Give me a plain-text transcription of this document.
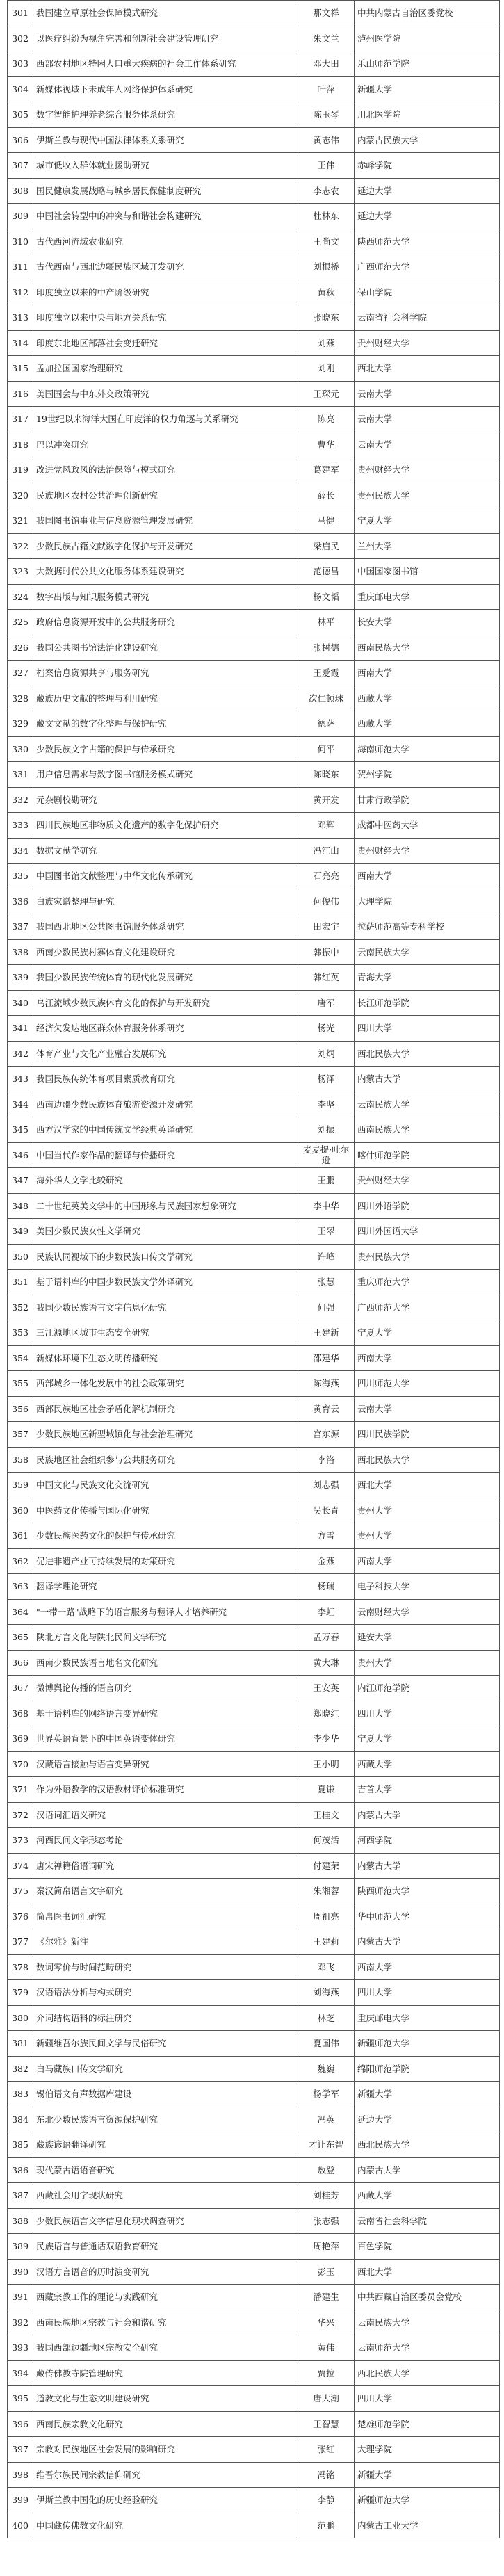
301	我国建立草原社会保障模式研究	那文祥	中共内蒙古自治区委党校
302	以医疗纠纷为视角完善和创新社会建设管理研究	朱文兰	泸州医学院
303	西部农村地区特困人口重大疾病的社会工作体系研究	邓大田	乐山师范学院
304	新媒体视域下未成年人网络保护体系研究	叶萍	新疆大学
305	数字智能护理养老综合服务体系研究	陈玉琴	川北医学院
306	伊斯兰教与现代中国法律体系关系研究	黄志伟	内蒙古民族大学
307	城市低收入群体就业援助研究	王伟	赤峰学院
308	国民健康发展战略与城乡居民保健制度研究	李志农	延边大学
309	中国社会转型中的冲突与和谐社会构建研究	杜林东	延边大学
310	古代西河流域农业研究	王尚文	陕西师范大学
311	古代西南与西北边疆民族区域开发研究	刘根桥	广西师范大学
312	印度独立以来的中产阶级研究	黄秋	保山学院
313	印度独立以来中央与地方关系研究	张晓东	云南省社会科学院
314	印度东北地区部落社会变迁研究	刘燕	贵州财经大学
315	孟加拉国国家治理研究	刘刚	西北大学
316	美国国会与中东外交政策研究	王琛元	云南大学
317	19世纪以来海洋大国在印度洋的权力角逐与关系研究	陈亮	云南大学
318	巴以冲突研究	曹华	云南大学
319	改进党风政风的法治保障与模式研究	葛建军	贵州财经大学
320	民族地区农村公共治理创新研究	薛长	贵州民族大学
321	我国图书馆事业与信息资源管理发展研究	马健	宁夏大学
322	少数民族古籍文献数字化保护与开发研究	梁启民	兰州大学
323	大数据时代公共文化服务体系建设研究	范德昌	中国国家图书馆
324	数字出版与知识服务模式研究	杨文韬	重庆邮电大学
325	政府信息资源开发中的公共服务研究	林平	长安大学
326	我国公共图书馆法治化建设研究	张树德	西南民族大学
327	档案信息资源共享与服务研究	王爱霞	西南大学
328	藏族历史文献的整理与利用研究	次仁顿珠	西藏大学
329	藏文文献的数字化整理与保护研究	德萨	西藏大学
330	少数民族文字古籍的保护与传承研究	何平	海南师范大学
331	用户信息需求与数字图书馆服务模式研究	陈晓东	贺州学院
332	元杂剧校勘研究	黄开发	甘肃行政学院
333	四川民族地区非物质文化遗产的数字化保护研究	邓辉	成都中医药大学
334	数据文献学研究	冯江山	贵州财经大学
335	中国图书馆文献整理与中华文化传承研究	石亮亮	西南大学
336	白族家谱整理与研究	何俊伟	大理学院
337	我国西北地区公共图书馆服务体系研究	田宏宇	拉萨师范高等专科学校
338	西南少数民族村寨体育文化建设研究	韩振中	云南民族大学
339	我国少数民族传统体育的现代化发展研究	韩红英	青海大学
340	乌江流域少数民族体育文化的保护与开发研究	唐军	长江师范学院
341	经济欠发达地区群众体育服务体系研究	杨光	四川大学
342	体育产业与文化产业融合发展研究	刘炳	西北民族大学
343	我国民族传统体育项目素质教育研究	杨泽	内蒙古大学
344	西南边疆少数民族体育旅游资源开发研究	李坚	云南民族大学
345	西方汉学家的中国传统文学经典英译研究	刘振	西南民族大学
346	中国当代作家作品的翻译与传播研究	麦麦提·吐尔逊	喀什师范学院
347	海外华人文学比较研究	王鹏	贵州财经大学
348	二十世纪英美文学中的中国形象与民族国家想象研究	李中华	四川外语学院
349	美国少数民族女性文学研究	王翠	四川外国语大学
350	民族认同视域下的少数民族口传文学研究	许峰	贵州民族大学
351	基于语料库的中国少数民族文学外译研究	张慧	重庆师范大学
352	我国少数民族语言文字信息化研究	何强	广西师范大学
353	三江源地区城市生态安全研究	王建新	宁夏大学
354	新媒体环境下生态文明传播研究	邵建华	西南大学
355	西部城乡一体化发展中的社会政策研究	陈海燕	四川师范大学
356	西部民族地区社会矛盾化解机制研究	黄育云	云南大学
357	少数民族地区新型城镇化与社会治理研究	宫东源	四川民族学院
358	民族地区社会组织参与公共服务研究	李洛	西北民族大学
359	中国文化与民族文化交流研究	刘志强	西北大学
360	中医药文化传播与国际化研究	吴长青	贵州大学
361	少数民族医药文化的保护与传承研究	方雪	贵州大学
362	促进非遗产业可持续发展的对策研究	金燕	西南大学
363	翻译学理论研究	杨瑞	电子科技大学
364	"一带一路"战略下的语言服务与翻译人才培养研究	李虹	云南财经大学
365	陕北方言文化与陕北民间文学研究	孟万春	延安大学
366	西南少数民族语言地名文化研究	黄大琳	贵州大学
367	微博舆论传播的语言研究	王安英	内江师范学院
368	基于语料库的网络语言变异研究	郑晓红	四川大学
369	世界英语背景下的中国英语变体研究	李少华	宁夏大学
370	汉藏语言接触与语言变异研究	王小明	西藏大学
371	作为外语教学的汉语教材评价标准研究	夏谦	吉首大学
372	汉语词汇语义研究	王桂文	内蒙古大学
373	河西民间文学形态考论	何茂活	河西学院
374	唐宋禅籍俗语词研究	付建荣	内蒙古大学
375	秦汉简帛语言文字研究	朱湘蓉	陕西师范大学
376	简帛医书词汇研究	周祖亮	华中师范大学
377	《尔雅》新注	王建莉	内蒙古大学
378	数词零价与时间范畴研究	邓飞	西南大学
379	汉语语法分析与构式研究	刘海燕	四川大学
380	介词结构语料的标注研究	林芝	重庆邮电大学
381	新疆维吾尔族民间文学与民俗研究	夏国伟	新疆师范大学
382	白马藏族口传文学研究	魏巍	绵阳师范学院
383	锡伯语文有声数据库建设	杨学军	新疆大学
384	东北少数民族语言资源保护研究	冯英	延边大学
385	藏族谚语翻译研究	才让东智	西北民族大学
386	现代蒙古语语音研究	敖登	内蒙古大学
387	西藏社会用字现状研究	刘桂芳	西藏大学
388	少数民族语言文字信息化现状调查研究	张志强	云南省社会科学院
389	民族语言与普通话双语教育研究	周艳萍	百色学院
390	汉语方言语音的历时演变研究	彭玉	西北大学
391	西藏宗教工作的理论与实践研究	潘建生	中共西藏自治区委员会党校
392	西南民族地区宗教与社会和谐研究	华兴	云南民族大学
393	我国西部边疆地区宗教安全研究	黄伟	云南师范大学
394	藏传佛教寺院管理研究	贾拉	西北民族大学
395	道教文化与生态文明建设研究	唐大潮	四川大学
396	西南民族宗教文化研究	王智慧	楚雄师范学院
397	宗教对民族地区社会发展的影响研究	张红	大理学院
398	维吾尔族民间宗教信仰研究	冯铭	新疆大学
399	伊斯兰教中国化的历史经验研究	李静	新疆师范大学
400	中国藏传佛教文化研究	范鹏	内蒙古工业大学
